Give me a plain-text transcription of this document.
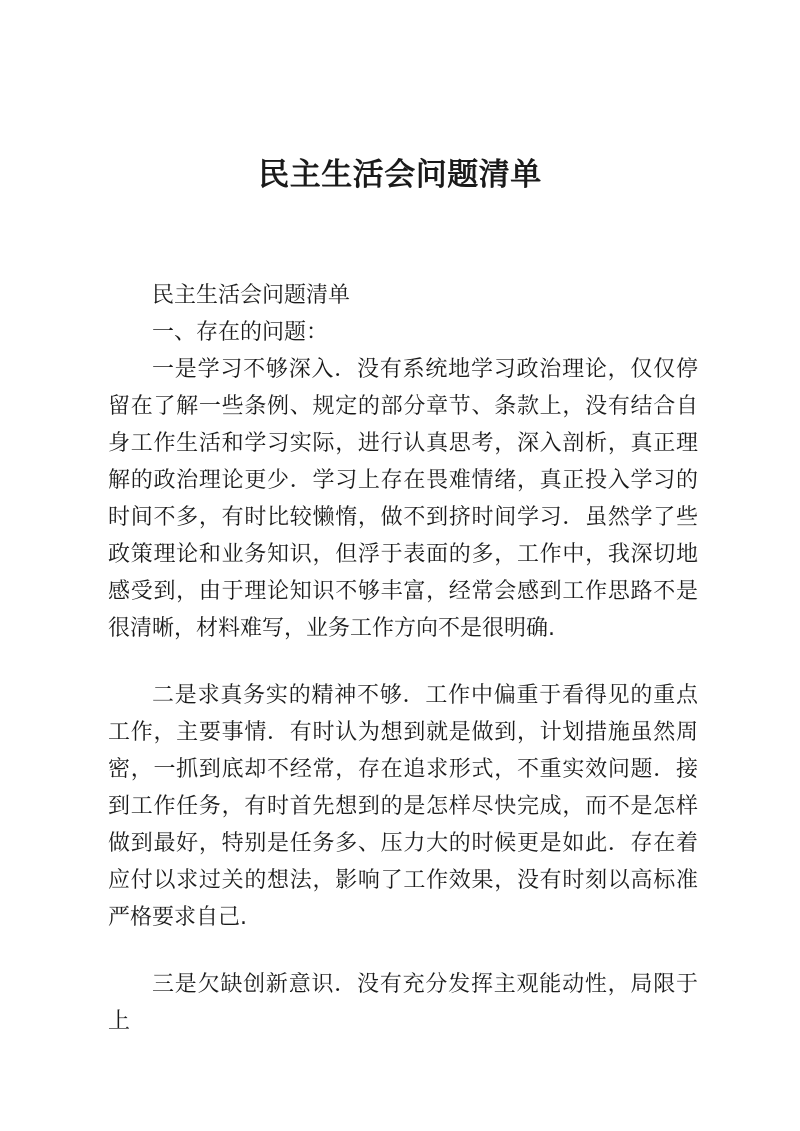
民主生活会问题清单

民主生活会问题清单

一、存在的问题：

一是学习不够深入．没有系统地学习政治理论，仅仅停留在了解一些条例、规定的部分章节、条款上，没有结合自身工作生活和学习实际，进行认真思考，深入剖析，真正理解的政治理论更少．学习上存在畏难情绪，真正投入学习的时间不多，有时比较懒惰，做不到挤时间学习．虽然学了些政策理论和业务知识，但浮于表面的多，工作中，我深切地感受到，由于理论知识不够丰富，经常会感到工作思路不是很清晰，材料难写，业务工作方向不是很明确.

二是求真务实的精神不够．工作中偏重于看得见的重点工作，主要事情．有时认为想到就是做到，计划措施虽然周密，一抓到底却不经常，存在追求形式，不重实效问题．接到工作任务，有时首先想到的是怎样尽快完成，而不是怎样做到最好，特别是任务多、压力大的时候更是如此．存在着应付以求过关的想法，影响了工作效果，没有时刻以高标准严格要求自己.

三是欠缺创新意识．没有充分发挥主观能动性，局限于上
